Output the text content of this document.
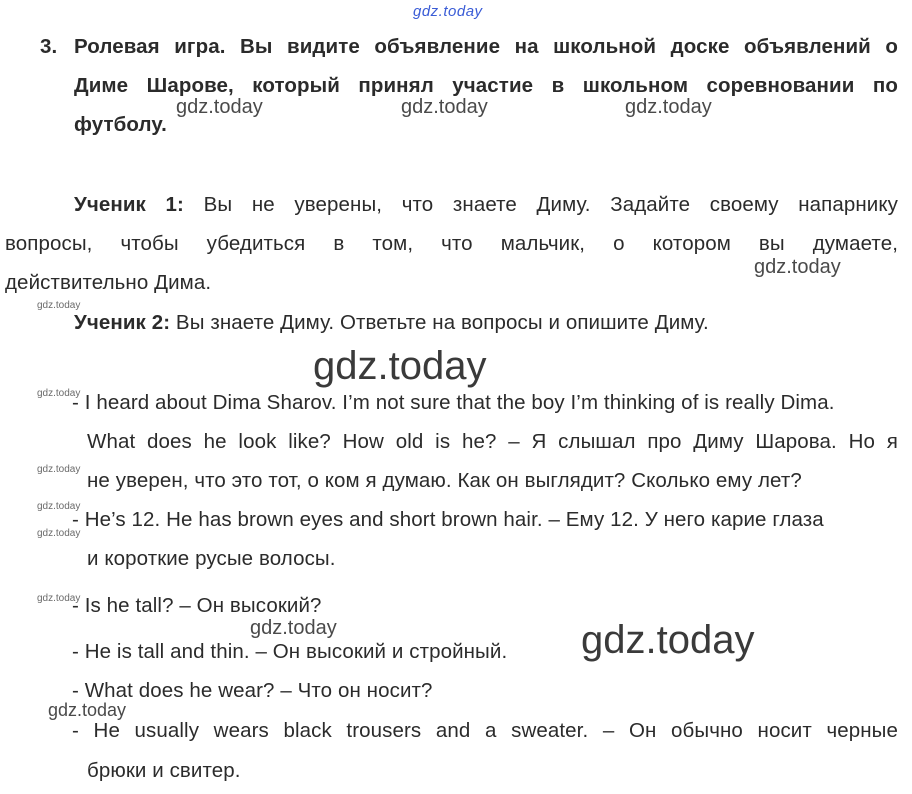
gdz.today
3. Ролевая игра. Вы видите объявление на школьной доске объявлений о
Диме Шарове, который принял участие в школьном соревновании по
футболу.
gdz.today	gdz.today	gdz.today
Ученик 1: Вы не уверены, что знаете Диму. Задайте своему напарнику
вопросы, чтобы убедиться в том, что мальчик, о котором вы думаете,
действительно Дима.
gdz.today
gdz.today
Ученик 2: Вы знаете Диму. Ответьте на вопросы и опишите Диму.
gdz.today
gdz.today
- I heard about Dima Sharov. I’m not sure that the boy I’m thinking of is really Dima.
What does he look like? How old is he? – Я слышал про Диму Шарова. Но я
gdz.today не уверен, что это тот, о ком я думаю. Как он выглядит? Сколько ему лет?
gdz.today
- He’s 12. He has brown eyes and short brown hair. – Ему 12. У него карие глаза
gdz.today
и короткие русые волосы.
gdz.today
- Is he tall? – Он высокий?
gdz.today	gdz.today
- He is tall and thin. – Он высокий и стройный.
- What does he wear? – Что он носит?
gdz.today
- He usually wears black trousers and a sweater. – Он обычно носит черные
брюки и свитер.
